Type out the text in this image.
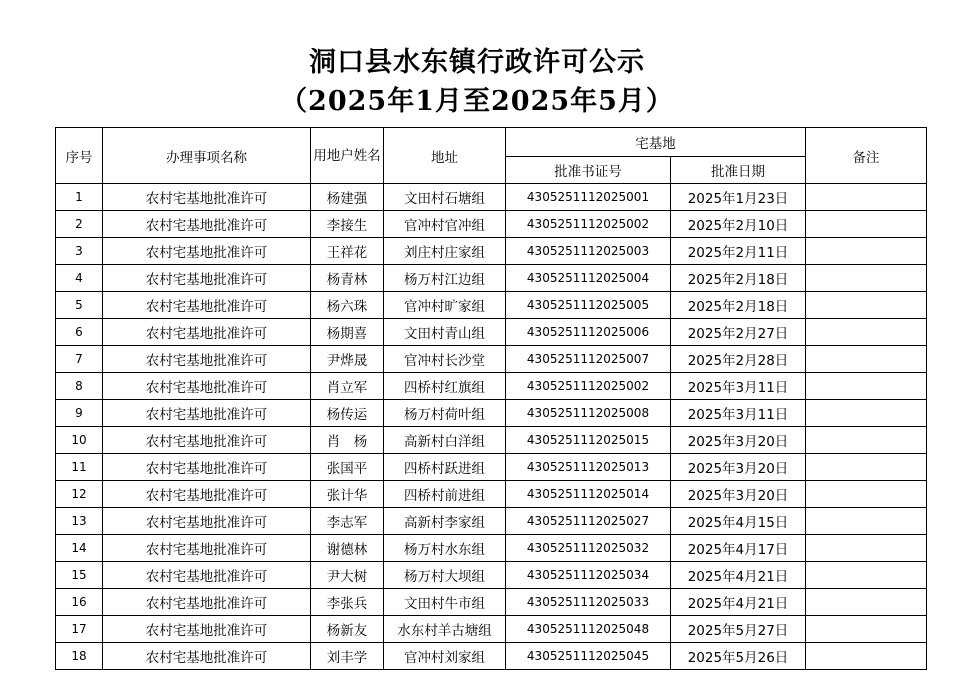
洞口县水东镇行政许可公示
（2025年1月至2025年5月）
序号	办理事项名称	用地户姓名	地址	宅基地		备注
				批准书证号	批准日期	
1	农村宅基地批准许可	杨建强	文田村石塘组	4305251112025001	2025年1月23日	
2	农村宅基地批准许可	李接生	官冲村官冲组	4305251112025002	2025年2月10日	
3	农村宅基地批准许可	王祥花	刘庄村庄家组	4305251112025003	2025年2月11日	
4	农村宅基地批准许可	杨青林	杨万村江边组	4305251112025004	2025年2月18日	
5	农村宅基地批准许可	杨六珠	官冲村旷家组	4305251112025005	2025年2月18日	
6	农村宅基地批准许可	杨期喜	文田村青山组	4305251112025006	2025年2月27日	
7	农村宅基地批准许可	尹烨晟	官冲村长沙堂	4305251112025007	2025年2月28日	
8	农村宅基地批准许可	肖立军	四桥村红旗组	4305251112025002	2025年3月11日	
9	农村宅基地批准许可	杨传运	杨万村荷叶组	4305251112025008	2025年3月11日	
10	农村宅基地批准许可	肖　杨	高新村白洋组	4305251112025015	2025年3月20日	
11	农村宅基地批准许可	张国平	四桥村跃进组	4305251112025013	2025年3月20日	
12	农村宅基地批准许可	张计华	四桥村前进组	4305251112025014	2025年3月20日	
13	农村宅基地批准许可	李志军	高新村李家组	4305251112025027	2025年4月15日	
14	农村宅基地批准许可	谢德林	杨万村水东组	4305251112025032	2025年4月17日	
15	农村宅基地批准许可	尹大树	杨万村大坝组	4305251112025034	2025年4月21日	
16	农村宅基地批准许可	李张兵	文田村牛市组	4305251112025033	2025年4月21日	
17	农村宅基地批准许可	杨新友	水东村羊古塘组	4305251112025048	2025年5月27日	
18	农村宅基地批准许可	刘丰学	官冲村刘家组	4305251112025045	2025年5月26日	
